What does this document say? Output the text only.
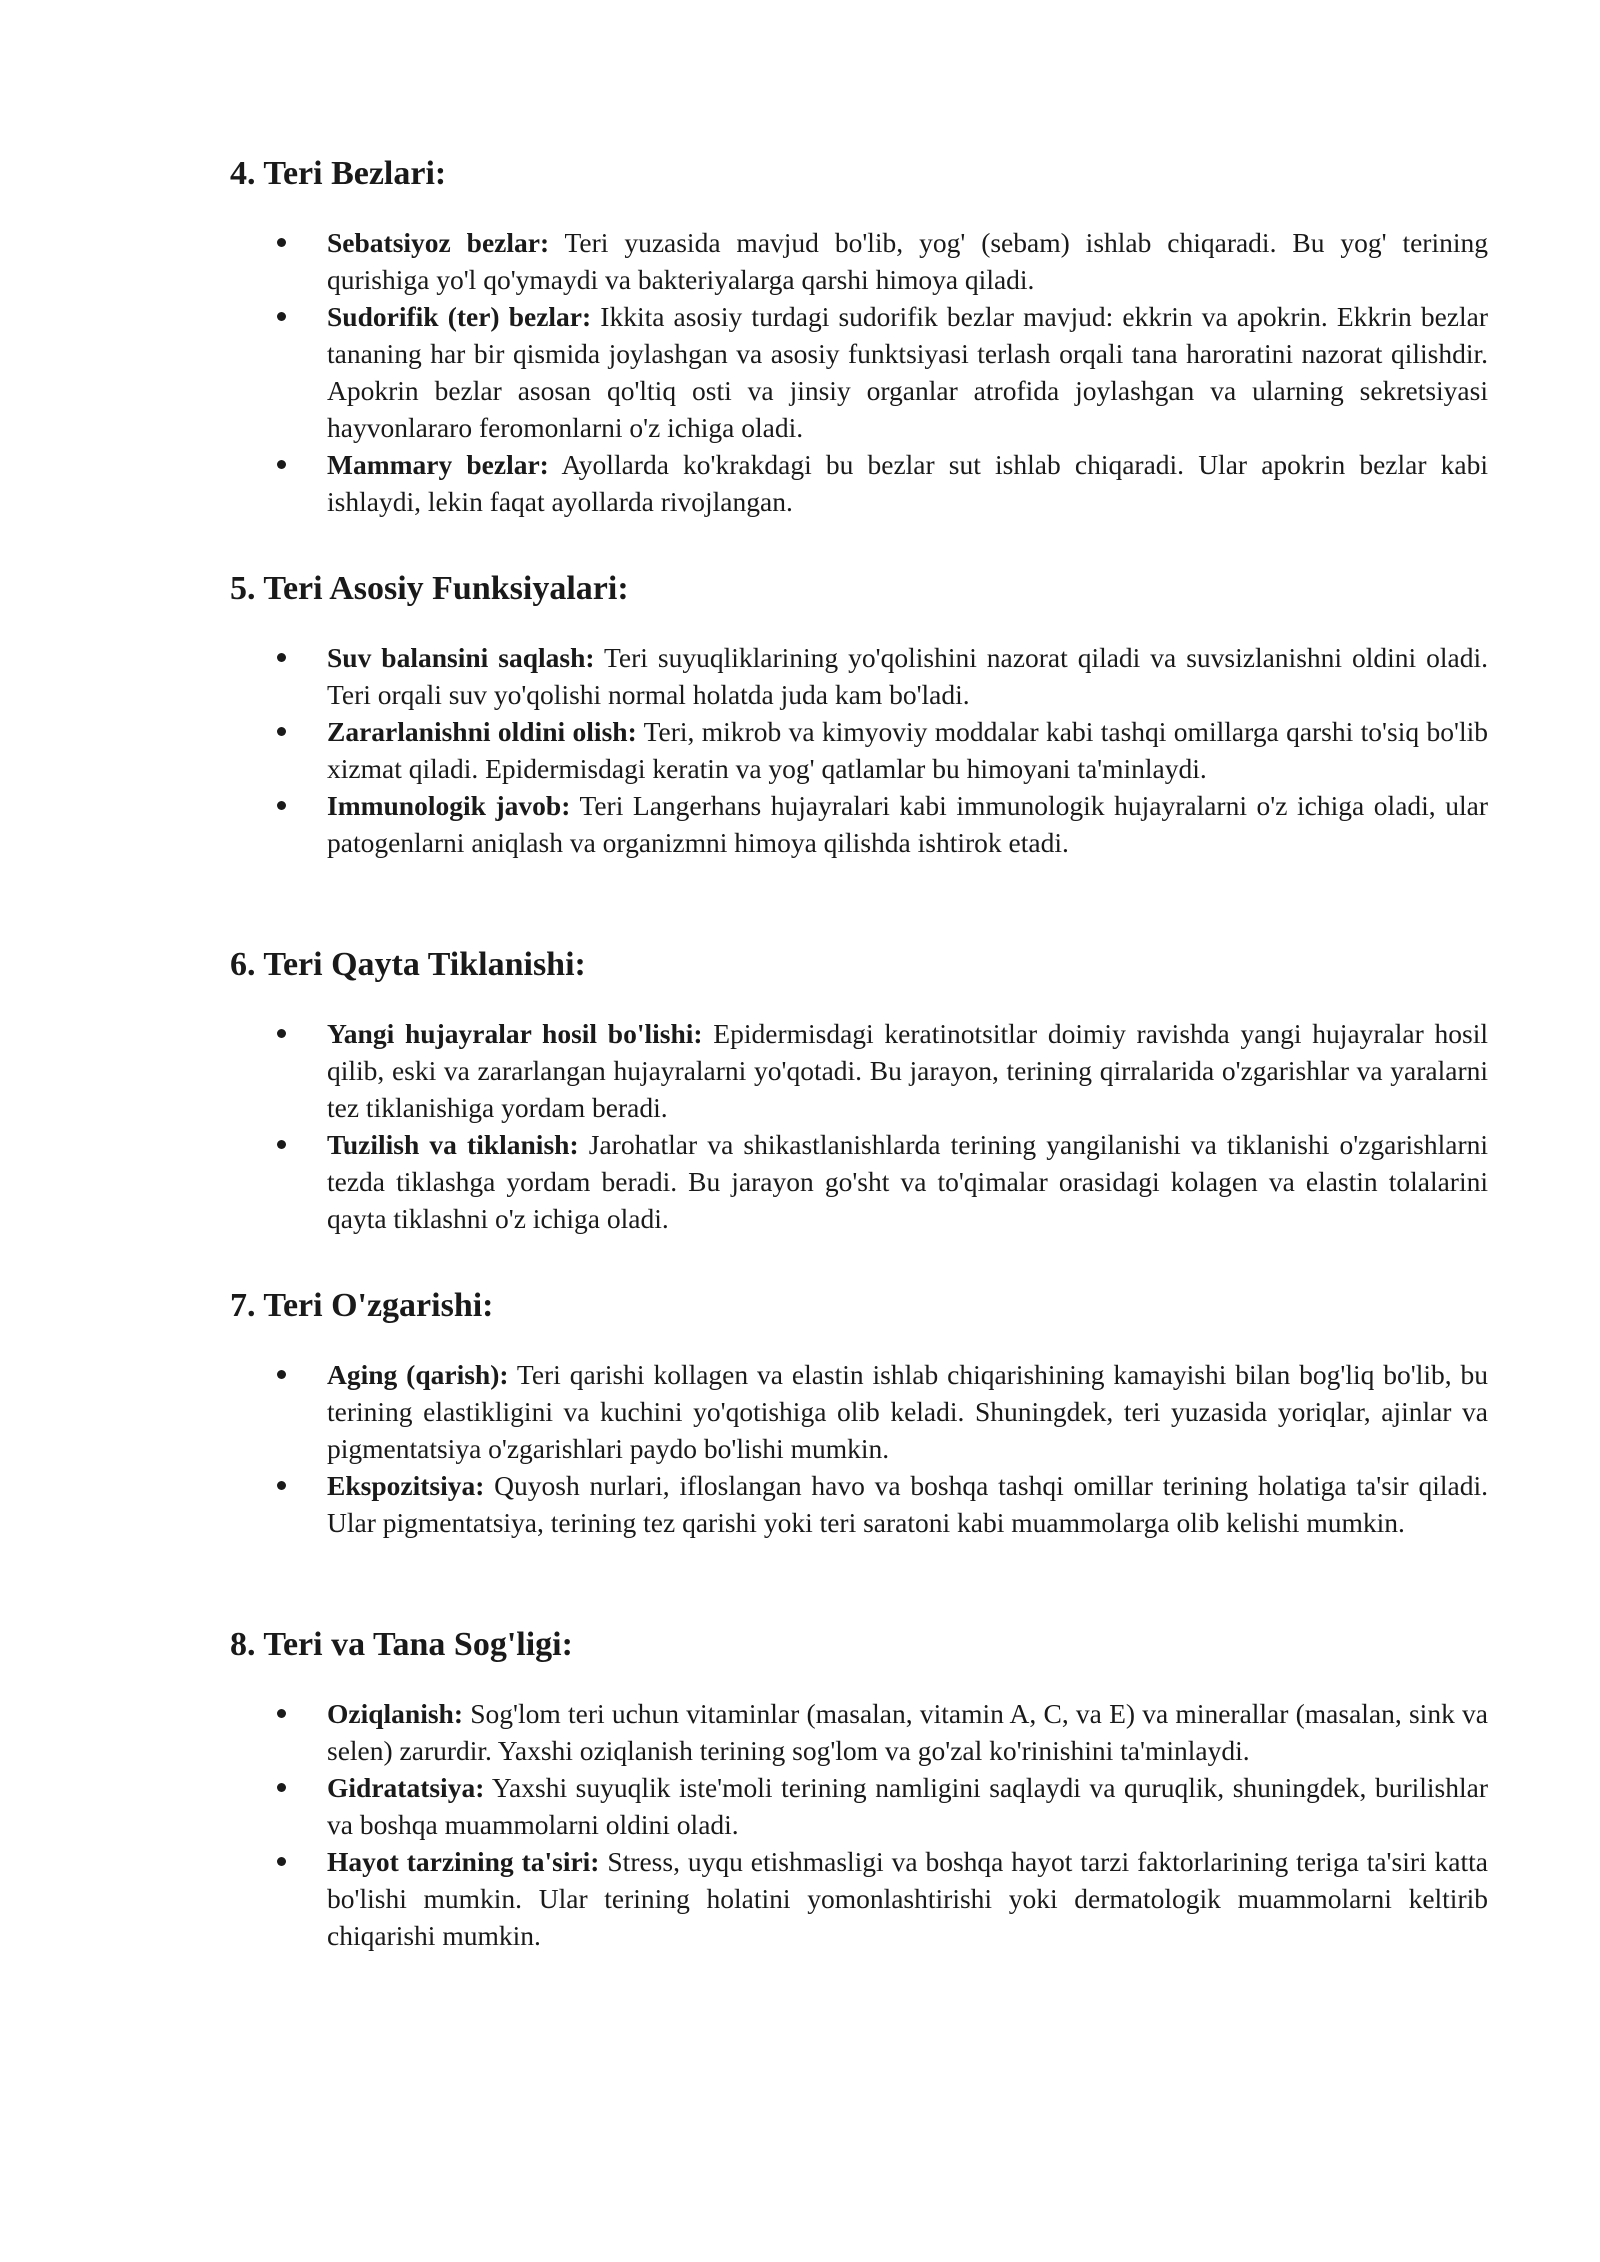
4. Teri Bezlari:
Sebatsiyoz bezlar: Teri yuzasida mavjud bo'lib, yog' (sebam) ishlab chiqaradi. Bu yog' terining qurishiga yo'l qo'ymaydi va bakteriyalarga qarshi himoya qiladi.
Sudorifik (ter) bezlar: Ikkita asosiy turdagi sudorifik bezlar mavjud: ekkrin va apokrin. Ekkrin bezlar tananing har bir qismida joylashgan va asosiy funktsiyasi terlash orqali tana haroratini nazorat qilishdir. Apokrin bezlar asosan qo'ltiq osti va jinsiy organlar atrofida joylashgan va ularning sekretsiyasi hayvonlararo feromonlarni o'z ichiga oladi.
Mammary bezlar: Ayollarda ko'krakdagi bu bezlar sut ishlab chiqaradi. Ular apokrin bezlar kabi ishlaydi, lekin faqat ayollarda rivojlangan.
5. Teri Asosiy Funksiyalari:
Suv balansini saqlash: Teri suyuqliklarining yo'qolishini nazorat qiladi va suvsizlanishni oldini oladi. Teri orqali suv yo'qolishi normal holatda juda kam bo'ladi.
Zararlanishni oldini olish: Teri, mikrob va kimyoviy moddalar kabi tashqi omillarga qarshi to'siq bo'lib xizmat qiladi. Epidermisdagi keratin va yog' qatlamlar bu himoyani ta'minlaydi.
Immunologik javob: Teri Langerhans hujayralari kabi immunologik hujayralarni o'z ichiga oladi, ular patogenlarni aniqlash va organizmni himoya qilishda ishtirok etadi.
6. Teri Qayta Tiklanishi:
Yangi hujayralar hosil bo'lishi: Epidermisdagi keratinotsitlar doimiy ravishda yangi hujayralar hosil qilib, eski va zararlangan hujayralarni yo'qotadi. Bu jarayon, terining qirralarida o'zgarishlar va yaralarni tez tiklanishiga yordam beradi.
Tuzilish va tiklanish: Jarohatlar va shikastlanishlarda terining yangilanishi va tiklanishi o'zgarishlarni tezda tiklashga yordam beradi. Bu jarayon go'sht va to'qimalar orasidagi kolagen va elastin tolalarini qayta tiklashni o'z ichiga oladi.
7. Teri O'zgarishi:
Aging (qarish): Teri qarishi kollagen va elastin ishlab chiqarishining kamayishi bilan bog'liq bo'lib, bu terining elastikligini va kuchini yo'qotishiga olib keladi. Shuningdek, teri yuzasida yoriqlar, ajinlar va pigmentatsiya o'zgarishlari paydo bo'lishi mumkin.
Ekspozitsiya: Quyosh nurlari, ifloslangan havo va boshqa tashqi omillar terining holatiga ta'sir qiladi. Ular pigmentatsiya, terining tez qarishi yoki teri saratoni kabi muammolarga olib kelishi mumkin.
8. Teri va Tana Sog'ligi:
Oziqlanish: Sog'lom teri uchun vitaminlar (masalan, vitamin A, C, va E) va minerallar (masalan, sink va selen) zarurdir. Yaxshi oziqlanish terining sog'lom va go'zal ko'rinishini ta'minlaydi.
Gidratatsiya: Yaxshi suyuqlik iste'moli terining namligini saqlaydi va quruqlik, shuningdek, burilishlar va boshqa muammolarni oldini oladi.
Hayot tarzining ta'siri: Stress, uyqu etishmasligi va boshqa hayot tarzi faktorlarining teriga ta'siri katta bo'lishi mumkin. Ular terining holatini yomonlashtirishi yoki dermatologik muammolarni keltirib chiqarishi mumkin.
